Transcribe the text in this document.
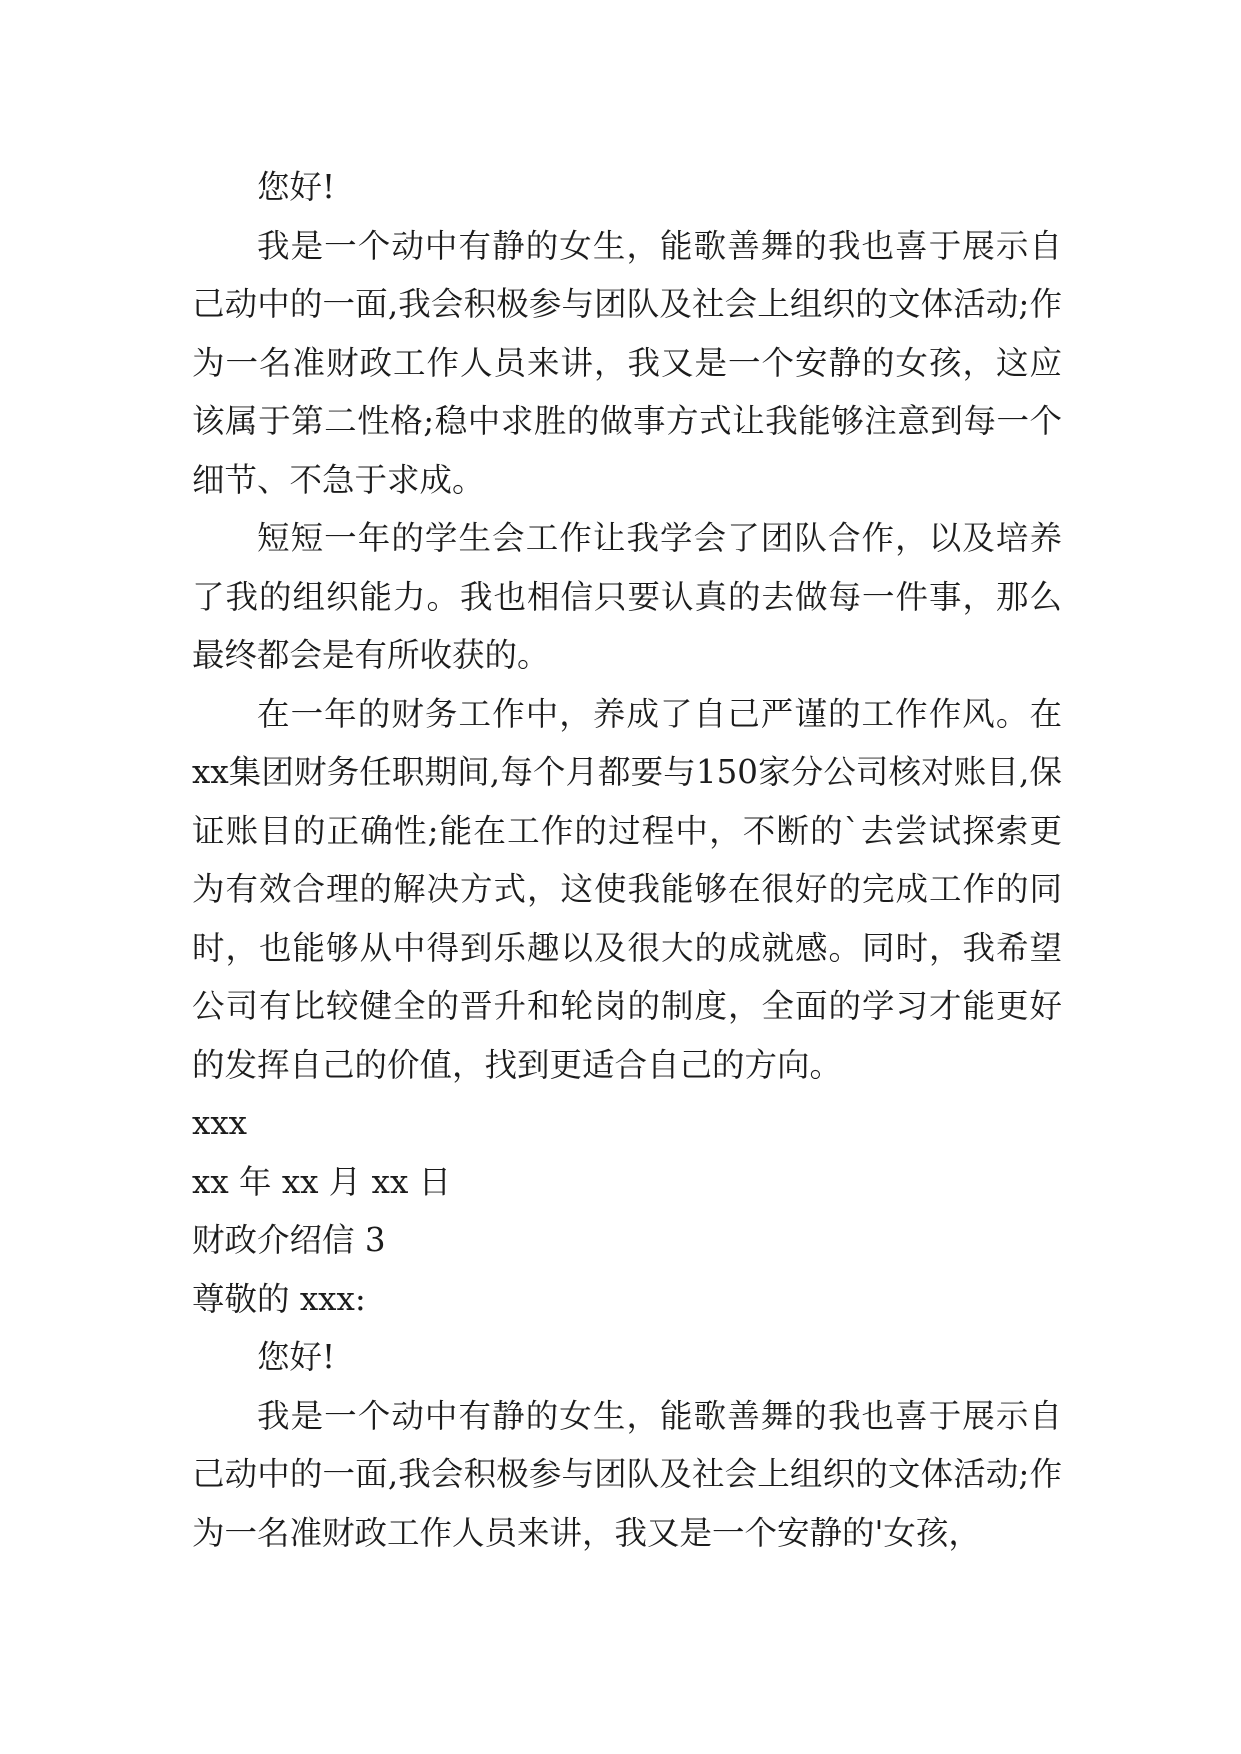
您好!

我是一个动中有静的女生，能歌善舞的我也喜于展示自己动中的一面,我会积极参与团队及社会上组织的文体活动;作为一名准财政工作人员来讲，我又是一个安静的女孩，这应该属于第二性格;稳中求胜的做事方式让我能够注意到每一个细节、不急于求成。

短短一年的学生会工作让我学会了团队合作，以及培养了我的组织能力。我也相信只要认真的去做每一件事，那么最终都会是有所收获的。

在一年的财务工作中，养成了自己严谨的工作作风。在xx集团财务任职期间,每个月都要与150家分公司核对账目,保证账目的正确性;能在工作的过程中，不断的`去尝试探索更为有效合理的解决方式，这使我能够在很好的完成工作的同时，也能够从中得到乐趣以及很大的成就感。同时，我希望公司有比较健全的晋升和轮岗的制度，全面的学习才能更好的发挥自己的价值，找到更适合自己的方向。

xxx

xx 年 xx 月 xx 日

财政介绍信 3

尊敬的 xxx:

您好!

我是一个动中有静的女生，能歌善舞的我也喜于展示自己动中的一面,我会积极参与团队及社会上组织的文体活动;作为一名准财政工作人员来讲，我又是一个安静的'女孩，
